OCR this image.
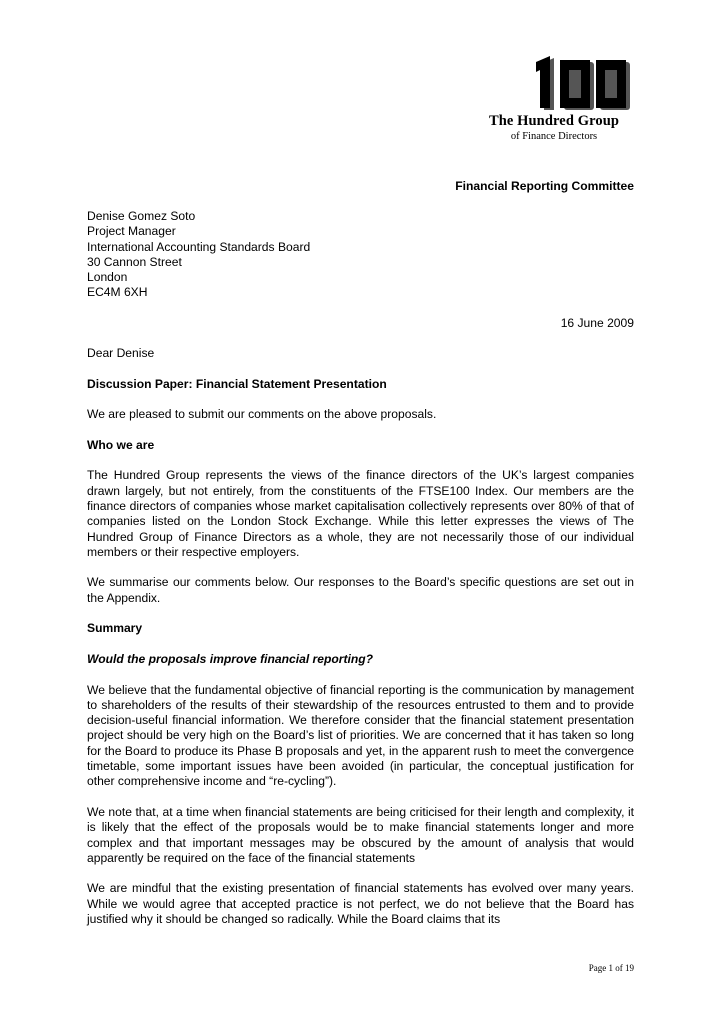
The Hundred Group
of Finance Directors
Financial Reporting Committee
Denise Gomez Soto
Project Manager
International Accounting Standards Board
30 Cannon Street
London
EC4M 6XH
16 June 2009

Dear Denise

Discussion Paper: Financial Statement Presentation

We are pleased to submit our comments on the above proposals.

Who we are

The Hundred Group represents the views of the finance directors of the UK’s largest companies drawn largely, but not entirely, from the constituents of the FTSE100 Index. Our members are the finance directors of companies whose market capitalisation collectively represents over 80% of that of companies listed on the London Stock Exchange. While this letter expresses the views of The Hundred Group of Finance Directors as a whole, they are not necessarily those of our individual members or their respective employers.

We summarise our comments below. Our responses to the Board’s specific questions are set out in the Appendix.

Summary

Would the proposals improve financial reporting?

We believe that the fundamental objective of financial reporting is the communication by management to shareholders of the results of their stewardship of the resources entrusted to them and to provide decision-useful financial information. We therefore consider that the financial statement presentation project should be very high on the Board’s list of priorities. We are concerned that it has taken so long for the Board to produce its Phase B proposals and yet, in the apparent rush to meet the convergence timetable, some important issues have been avoided (in particular, the conceptual justification for other comprehensive income and “re-cycling”).

We note that, at a time when financial statements are being criticised for their length and complexity, it is likely that the effect of the proposals would be to make financial statements longer and more complex and that important messages may be obscured by the amount of analysis that would apparently be required on the face of the financial statements

We are mindful that the existing presentation of financial statements has evolved over many years. While we would agree that accepted practice is not perfect, we do not believe that the Board has justified why it should be changed so radically. While the Board claims that its

Page 1 of 19
